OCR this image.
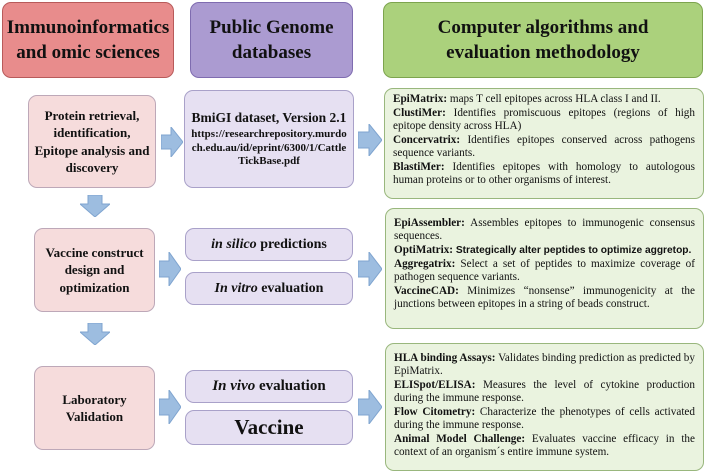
Immunoinformatics and omic sciences
Public Genome databases
Computer algorithms and evaluation methodology
Protein retrieval, identification, Epitope analysis and discovery
BmiGI dataset, Version 2.1
https://researchrepository.murdoch.edu.au/id/eprint/6300/1/CattleTickBase.pdf

EpiMatrix: maps T cell epitopes across HLA class I and II.

ClustiMer: Identifies promiscuous epitopes (regions of high epitope density across HLA)

Concervatrix: Identifies epitopes conserved across pathogens sequence variants.

BlastiMer: Identifies epitopes with homology to autologous human proteins or to other organisms of interest.

Vaccine construct design and optimization
in silico predictions
In vitro evaluation

EpiAssembler: Assembles epitopes to immunogenic consensus sequences.

OptiMatrix: Strategically alter peptides to optimize aggretop.

Aggregatrix: Select a set of peptides to maximize coverage of pathogen sequence variants.

VaccineCAD: Minimizes “nonsense” immunogenicity at the junctions between epitopes in a string of beads construct.

Laboratory Validation
In vivo evaluation
Vaccine

HLA binding Assays: Validates binding prediction as predicted by EpiMatrix.

ELISpot/ELISA: Measures the level of cytokine production during the immune response.

Flow Citometry: Characterize the phenotypes of cells activated during the immune response.

Animal Model Challenge: Evaluates vaccine efficacy in the context of an organism´s entire immune system.
